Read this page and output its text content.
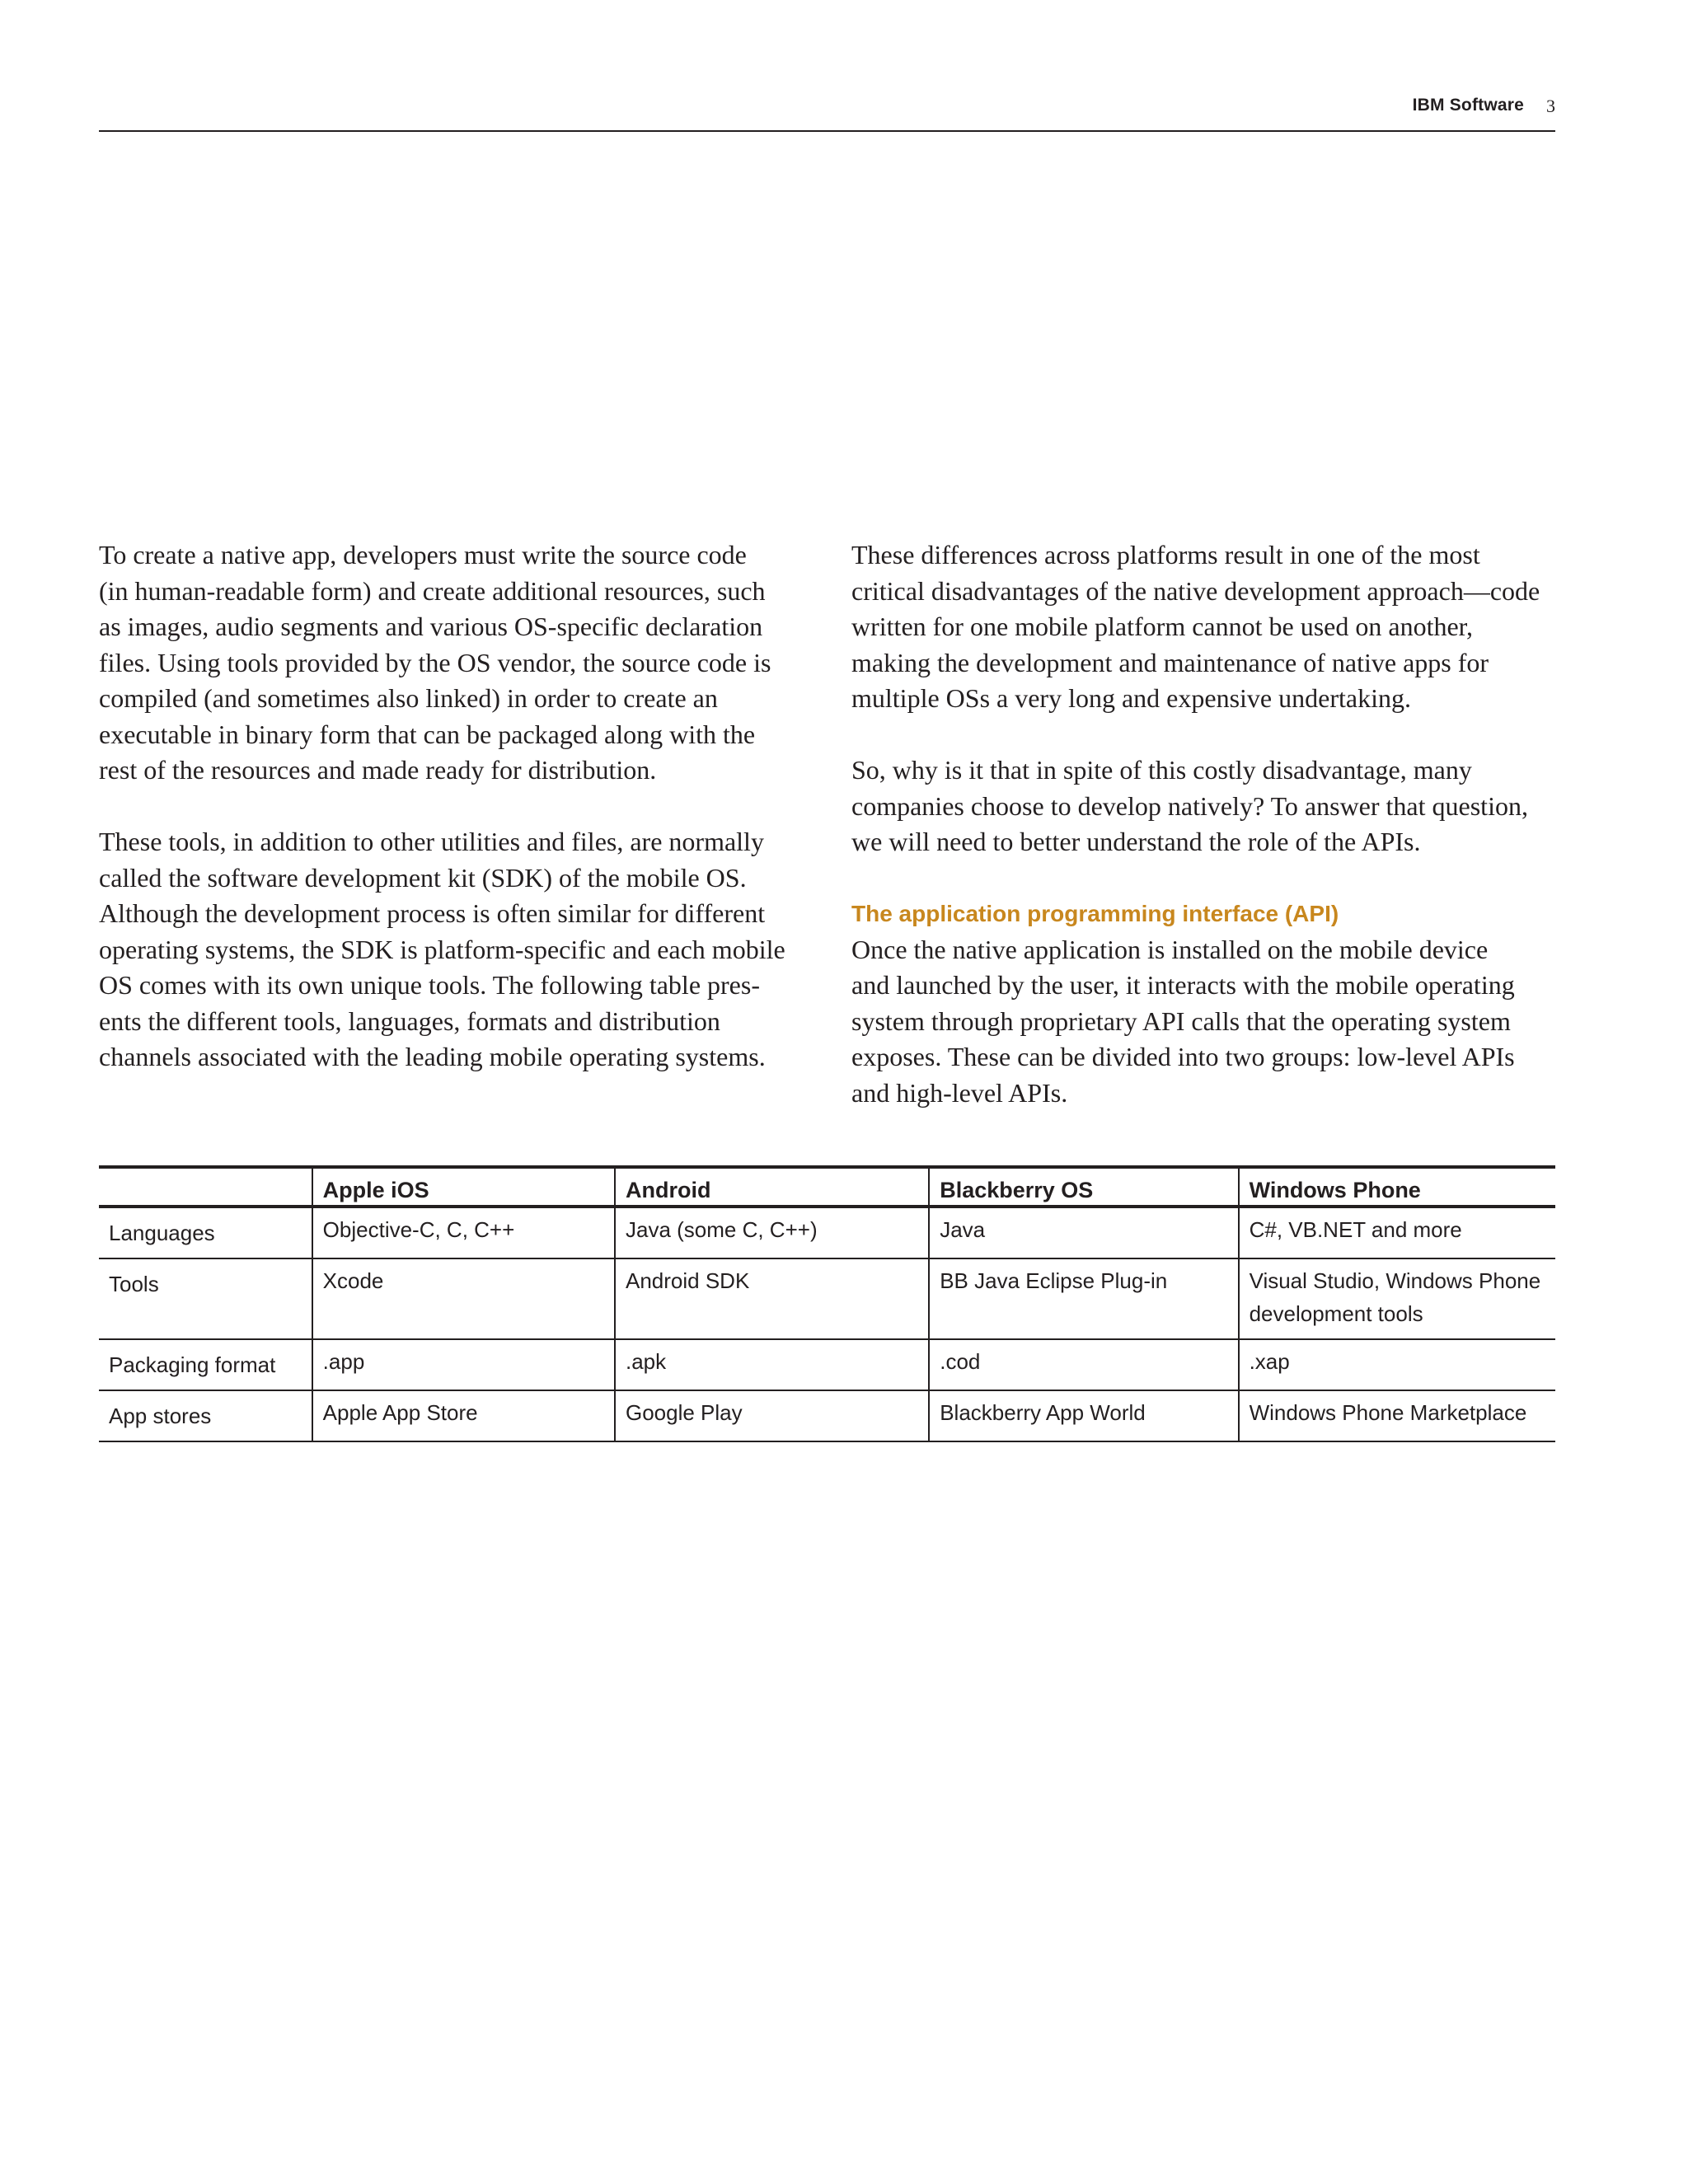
IBM Software 3

To create a native app, developers must write the source code
(in human-readable form) and create additional resources, such
as images, audio segments and various OS-specific declaration
files. Using tools provided by the OS vendor, the source code is
compiled (and sometimes also linked) in order to create an
executable in binary form that can be packaged along with the
rest of the resources and made ready for distribution.

These tools, in addition to other utilities and files, are normally
called the software development kit (SDK) of the mobile OS.
Although the development process is often similar for different
operating systems, the SDK is platform-specific and each mobile
OS comes with its own unique tools. The following table pres-
ents the different tools, languages, formats and distribution
channels associated with the leading mobile operating systems.

These differences across platforms result in one of the most
critical disadvantages of the native development approach—code
written for one mobile platform cannot be used on another,
making the development and maintenance of native apps for
multiple OSs a very long and expensive undertaking.

So, why is it that in spite of this costly disadvantage, many
companies choose to develop natively? To answer that question,
we will need to better understand the role of the APIs.

The application programming interface (API)

Once the native application is installed on the mobile device
and launched by the user, it interacts with the mobile operating
system through proprietary API calls that the operating system
exposes. These can be divided into two groups: low-level APIs
and high-level APIs.

	Apple iOS	Android	Blackberry OS	Windows Phone
Languages	Objective-C, C, C++	Java (some C, C++)	Java	C#, VB.NET and more
Tools	Xcode	Android SDK	BB Java Eclipse Plug-in	Visual Studio, Windows Phone development tools
Packaging format	.app	.apk	.cod	.xap
App stores	Apple App Store	Google Play	Blackberry App World	Windows Phone Marketplace
